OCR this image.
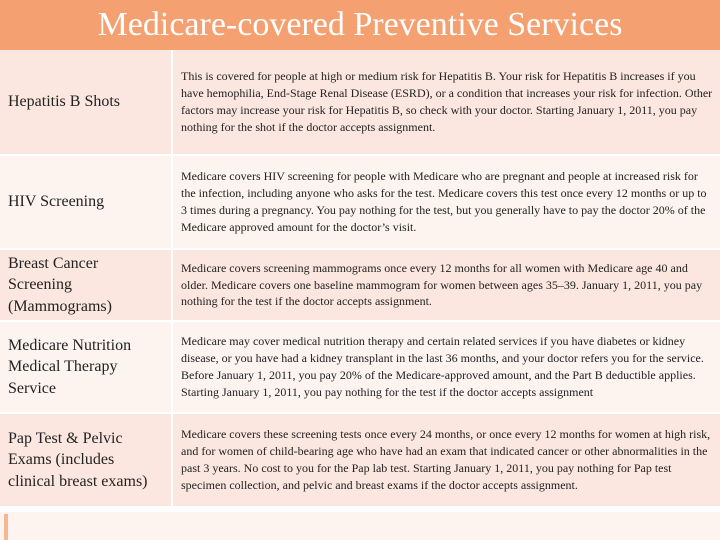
Medicare-covered Preventive Services
Hepatitis B Shots	This is covered for people at high or medium risk for Hepatitis B. Your risk for Hepatitis B increases if you have hemophilia, End-Stage Renal Disease (ESRD), or a condition that increases your risk for infection. Other factors may increase your risk for Hepatitis B, so check with your doctor. Starting January 1, 2011, you pay nothing for the shot if the doctor accepts assignment.
HIV Screening	Medicare covers HIV screening for people with Medicare who are pregnant and people at increased risk for the infection, including anyone who asks for the test. Medicare covers this test once every 12 months or up to 3 times during a pregnancy. You pay nothing for the test, but you generally have to pay the doctor 20% of the Medicare approved amount for the doctor’s visit.
Breast Cancer Screening (Mammograms)	Medicare covers screening mammograms once every 12 months for all women with Medicare age 40 and older. Medicare covers one baseline mammogram for women between ages 35–39. January 1, 2011, you pay nothing for the test if the doctor accepts assignment.
Medicare Nutrition Medical Therapy Service	Medicare may cover medical nutrition therapy and certain related services if you have diabetes or kidney disease, or you have had a kidney transplant in the last 36 months, and your doctor refers you for the service. Before January 1, 2011, you pay 20% of the Medicare-approved amount, and the Part B deductible applies. Starting January 1, 2011, you pay nothing for the test if the doctor accepts assignment
Pap Test & Pelvic Exams (includes clinical breast exams)	Medicare covers these screening tests once every 24 months, or once every 12 months for women at high risk, and for women of child-bearing age who have had an exam that indicated cancer or other abnormalities in the past 3 years. No cost to you for the Pap lab test. Starting January 1, 2011, you pay nothing for Pap test specimen collection, and pelvic and breast exams if the doctor accepts assignment.
